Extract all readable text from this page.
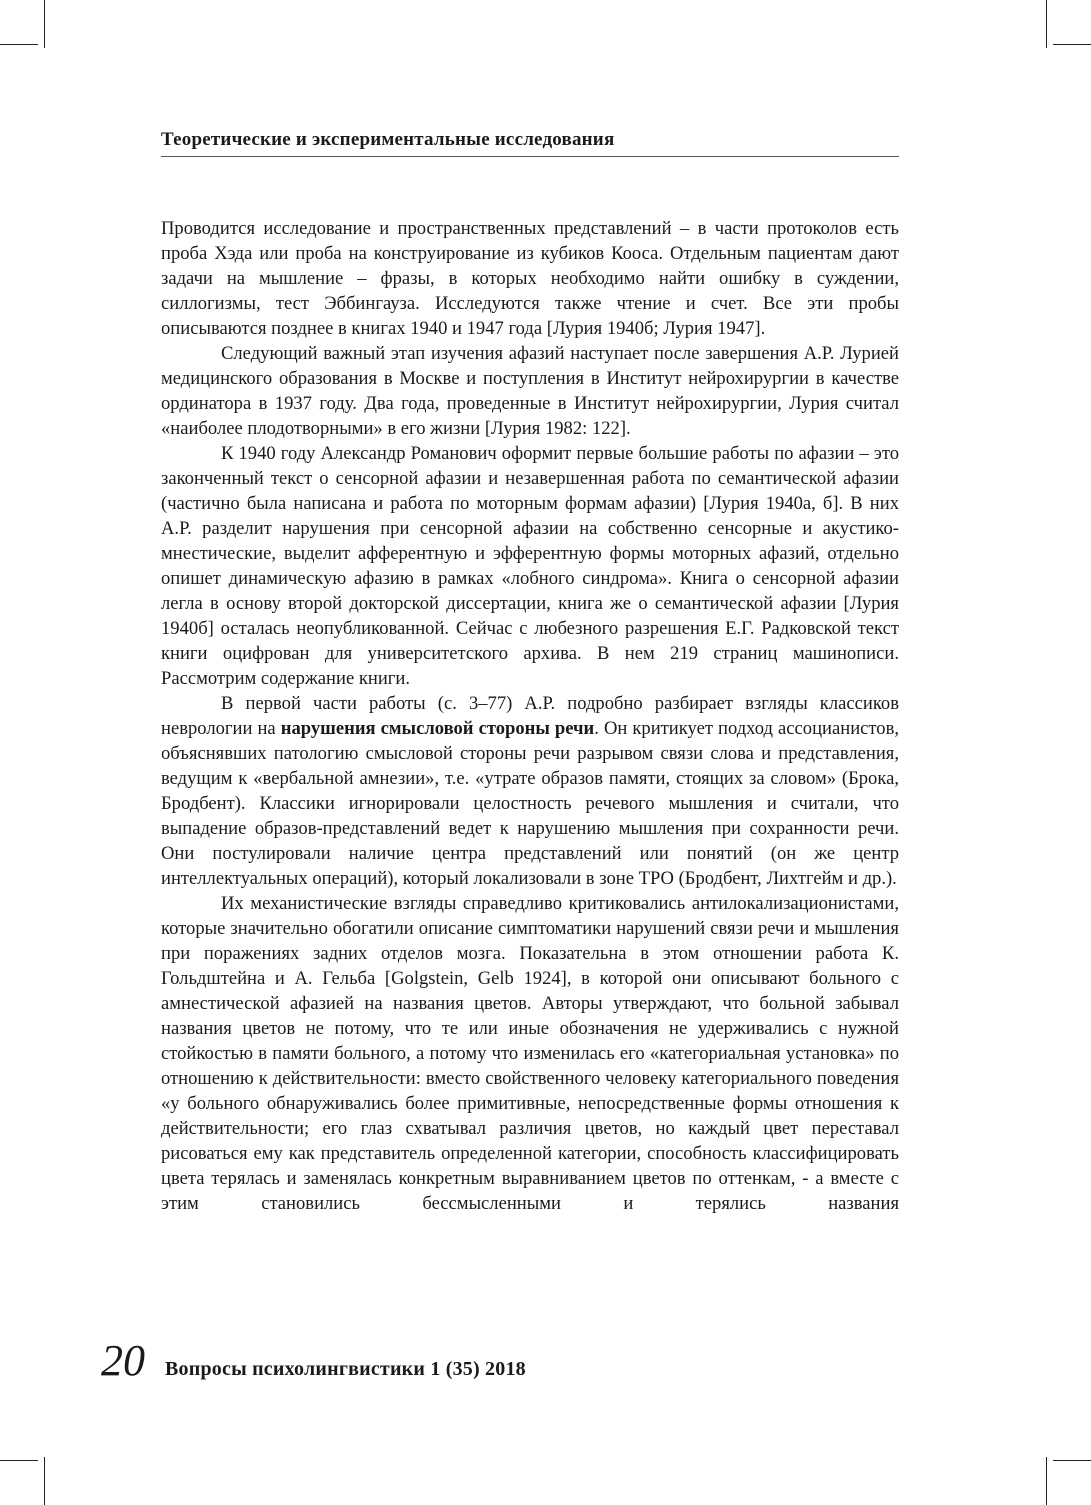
Теоретические и экспериментальные исследования

Проводится исследование и пространственных представлений – в части протоколов есть проба Хэда или проба на конструирование из кубиков Кооса. Отдельным пациентам дают задачи на мышление – фразы, в которых необходимо найти ошибку в суждении, силлогизмы, тест Эббингауза. Исследуются также чтение и счет. Все эти пробы описываются позднее в книгах 1940 и 1947 года [Лурия 1940б; Лурия 1947].

Следующий важный этап изучения афазий наступает после завершения А.Р. Лурией медицинского образования в Москве и поступления в Институт нейрохирургии в качестве ординатора в 1937 году. Два года, проведенные в Институт нейрохирургии, Лурия считал «наиболее плодотворными» в его жизни [Лурия 1982: 122].

К 1940 году Александр Романович оформит первые большие работы по афазии – это законченный текст о сенсорной афазии и незавершенная работа по семантической афазии (частично была написана и работа по моторным формам афазии) [Лурия 1940а, б]. В них А.Р. разделит нарушения при сенсорной афазии на собственно сенсорные и акустико-мнестические, выделит афферентную и эфферентную формы моторных афазий, отдельно опишет динамическую афазию в рамках «лобного синдрома». Книга о сенсорной афазии легла в основу второй докторской диссертации, книга же о семантической афазии [Лурия 1940б] осталась неопубликованной. Сейчас с любезного разрешения Е.Г. Радковской текст книги оцифрован для университетского архива. В нем 219 страниц машинописи. Рассмотрим содержание книги.

В первой части работы (с. 3–77) А.Р. подробно разбирает взгляды классиков неврологии на нарушения смысловой стороны речи. Он критикует подход ассоцианистов, объяснявших патологию смысловой стороны речи разрывом связи слова и представления, ведущим к «вербальной амнезии», т.е. «утрате образов памяти, стоящих за словом» (Брока, Бродбент). Классики игнорировали целостность речевого мышления и считали, что выпадение образов-представлений ведет к нарушению мышления при сохранности речи. Они постулировали наличие центра представлений или понятий (он же центр интеллектуальных операций), который локализовали в зоне ТРО (Бродбент, Лихтгейм и др.).

Их механистические взгляды справедливо критиковались антилокализационистами, которые значительно обогатили описание симптоматики нарушений связи речи и мышления при поражениях задних отделов мозга. Показательна в этом отношении работа К. Гольдштейна и А. Гельба [Golgstein, Gelb 1924], в которой они описывают больного с амнестической афазией на названия цветов. Авторы утверждают, что больной забывал названия цветов не потому, что те или иные обозначения не удерживались с нужной стойкостью в памяти больного, а потому что изменилась его «категориальная установка» по отношению к действительности: вместо свойственного человеку категориального поведения «у больного обнаруживались более примитивные, непосредственные формы отношения к действительности; его глаз схватывал различия цветов, но каждый цвет переставал рисоваться ему как представитель определенной категории, способность классифицировать цвета терялась и заменялась конкретным выравниванием цветов по оттенкам, - а вместе с этим становились бессмысленными и терялись названия

20 Вопросы психолингвистики 1 (35) 2018
